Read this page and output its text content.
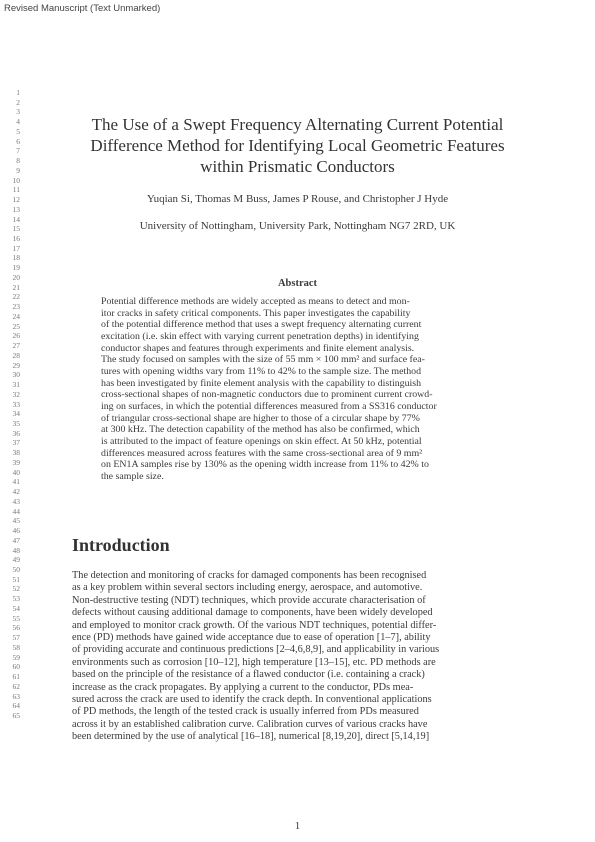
Revised Manuscript (Text Unmarked)
1
2
3
4
5
6
7
8
9
10
11
12
13
14
15
16
17
18
19
20
21
22
23
24
25
26
27
28
29
30
31
32
33
34
35
36
37
38
39
40
41
42
43
44
45
46
47
48
49
50
51
52
53
54
55
56
57
58
59
60
61
62
63
64
65
The Use of a Swept Frequency Alternating Current Potential
Difference Method for Identifying Local Geometric Features
within Prismatic Conductors
Yuqian Si, Thomas M Buss, James P Rouse, and Christopher J Hyde
University of Nottingham, University Park, Nottingham NG7 2RD, UK
Abstract
Potential difference methods are widely accepted as means to detect and mon-
itor cracks in safety critical components. This paper investigates the capability
of the potential difference method that uses a swept frequency alternating current
excitation (i.e. skin effect with varying current penetration depths) in identifying
conductor shapes and features through experiments and finite element analysis.
The study focused on samples with the size of 55 mm × 100 mm² and surface fea-
tures with opening widths vary from 11% to 42% to the sample size. The method
has been investigated by finite element analysis with the capability to distinguish
cross-sectional shapes of non-magnetic conductors due to prominent current crowd-
ing on surfaces, in which the potential differences measured from a SS316 conductor
of triangular cross-sectional shape are higher to those of a circular shape by 77%
at 300 kHz. The detection capability of the method has also be confirmed, which
is attributed to the impact of feature openings on skin effect. At 50 kHz, potential
differences measured across features with the same cross-sectional area of 9 mm²
on EN1A samples rise by 130% as the opening width increase from 11% to 42% to
the sample size.
Introduction
The detection and monitoring of cracks for damaged components has been recognised
as a key problem within several sectors including energy, aerospace, and automotive.
Non-destructive testing (NDT) techniques, which provide accurate characterisation of
defects without causing additional damage to components, have been widely developed
and employed to monitor crack growth. Of the various NDT techniques, potential differ-
ence (PD) methods have gained wide acceptance due to ease of operation [1–7], ability
of providing accurate and continuous predictions [2–4,6,8,9], and applicability in various
environments such as corrosion [10–12], high temperature [13–15], etc. PD methods are
based on the principle of the resistance of a flawed conductor (i.e. containing a crack)
increase as the crack propagates. By applying a current to the conductor, PDs mea-
sured across the crack are used to identify the crack depth. In conventional applications
of PD methods, the length of the tested crack is usually inferred from PDs measured
across it by an established calibration curve. Calibration curves of various cracks have
been determined by the use of analytical [16–18], numerical [8,19,20], direct [5,14,19]
1
